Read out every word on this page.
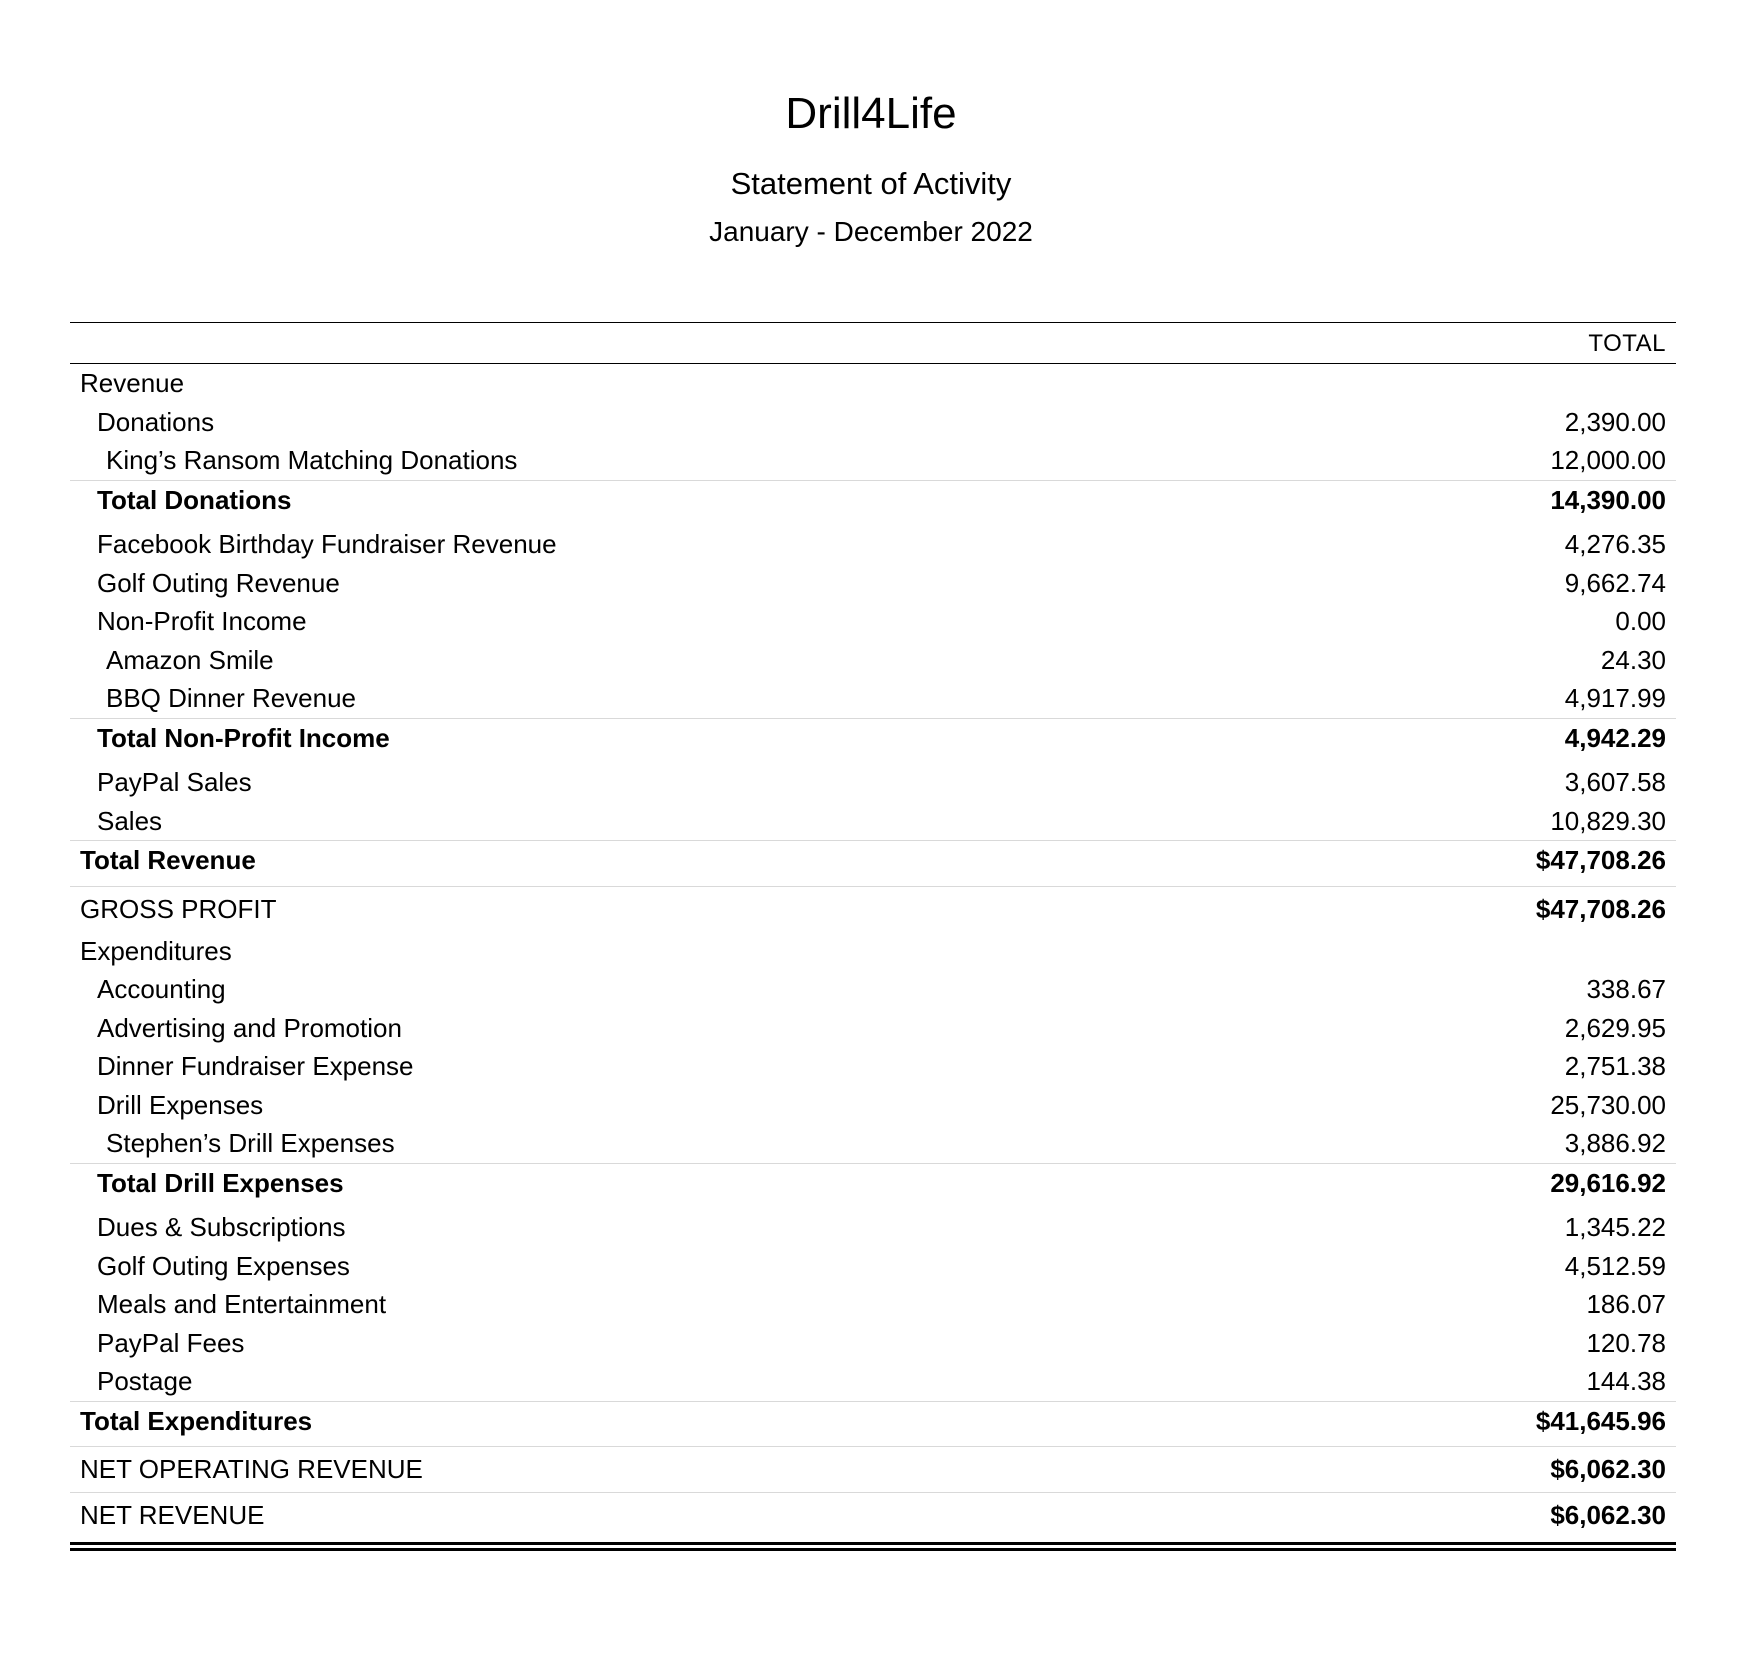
Drill4Life
Statement of Activity
January - December 2022
TOTAL
Revenue
Donations	2,390.00
King’s Ransom Matching Donations	12,000.00
Total Donations	14,390.00
Facebook Birthday Fundraiser Revenue	4,276.35
Golf Outing Revenue	9,662.74
Non-Profit Income	0.00
Amazon Smile	24.30
BBQ Dinner Revenue	4,917.99
Total Non-Profit Income	4,942.29
PayPal Sales	3,607.58
Sales	10,829.30
Total Revenue	$47,708.26
GROSS PROFIT	$47,708.26
Expenditures
Accounting	338.67
Advertising and Promotion	2,629.95
Dinner Fundraiser Expense	2,751.38
Drill Expenses	25,730.00
Stephen’s Drill Expenses	3,886.92
Total Drill Expenses	29,616.92
Dues & Subscriptions	1,345.22
Golf Outing Expenses	4,512.59
Meals and Entertainment	186.07
PayPal Fees	120.78
Postage	144.38
Total Expenditures	$41,645.96
NET OPERATING REVENUE	$6,062.30
NET REVENUE	$6,062.30
